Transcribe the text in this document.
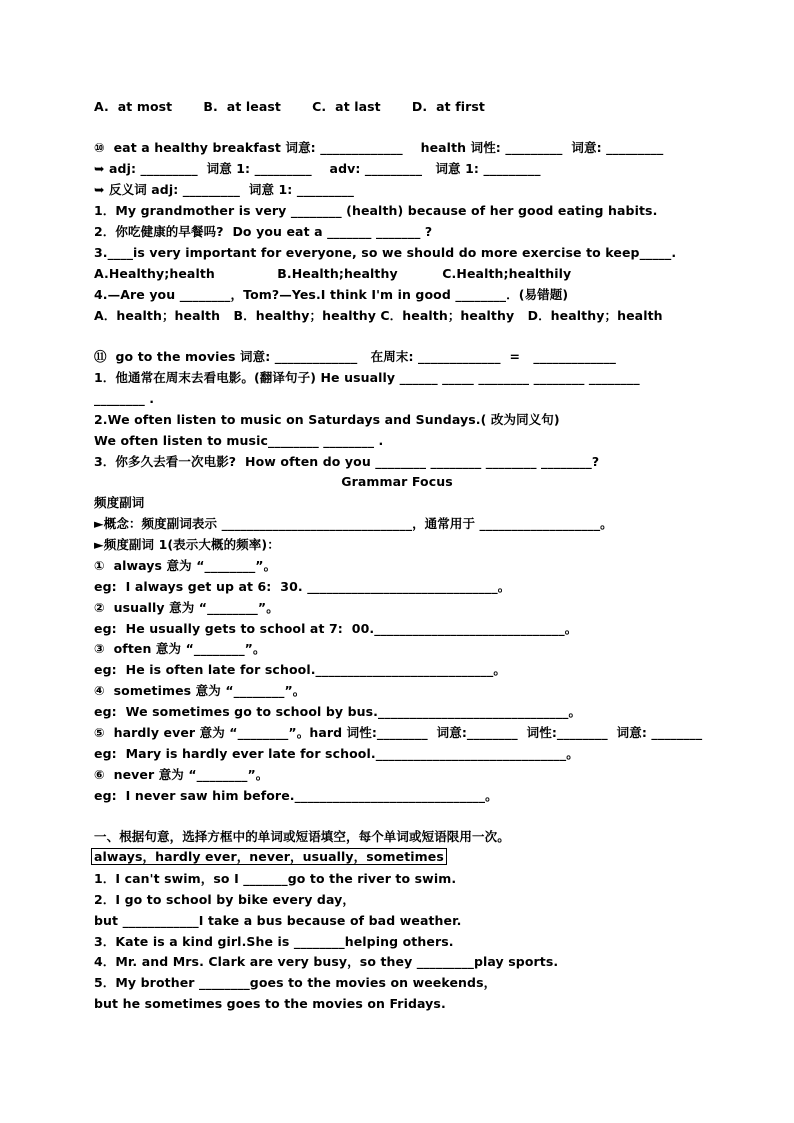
A.  at most       B.  at least       C.  at last       D.  at first
⑩  eat a healthy breakfast 词意: _____________    health 词性: _________  词意: _________
➥ adj: _________  词意 1: _________    adv: _________   词意 1: _________
➥ 反义词 adj: _________  词意 1: _________
1．My grandmother is very ________ (health) because of her good eating habits.
2．你吃健康的早餐吗?  Do you eat a _______ _______ ?
3.____is very important for everyone, so we should do more exercise to keep_____.
A.Healthy;health              B.Health;healthy          C.Health;healthily
4.—Are you ________，Tom?—Yes.I think I'm in good ________．(易错题)
A．health；health   B．healthy；healthy C．health；healthy   D．healthy；health
⑪  go to the movies 词意: _____________   在周末: _____________  =   _____________
1．他通常在周末去看电影。(翻译句子) He usually ______ _____ ________ ________ ________
________ .
2.We often listen to music on Saturdays and Sundays.( 改为同义句)
We often listen to music________ ________ .
3．你多久去看一次电影?  How often do you ________ ________ ________ ________?
Grammar Focus
频度副词
►概念：频度副词表示 ______________________________，通常用于 ___________________。
►频度副词 1(表示大概的频率)：
①  always 意为 “________”。
eg:  I always get up at 6:  30. ______________________________。
②  usually 意为 “________”。
eg:  He usually gets to school at 7:  00.______________________________。
③  often 意为 “________”。
eg:  He is often late for school.____________________________。
④  sometimes 意为 “________”。
eg:  We sometimes go to school by bus.______________________________。
⑤  hardly ever 意为 “________”。hard 词性:________  词意:________  词性:________  词意: ________
eg:  Mary is hardly ever late for school.______________________________。
⑥  never 意为 “________”。
eg:  I never saw him before.______________________________。
一、根据句意，选择方框中的单词或短语填空，每个单词或短语限用一次。
always，hardly ever，never，usually，sometimes
1．I can't swim，so I _______go to the river to swim.
2．I go to school by bike every day，
but ____________I take a bus because of bad weather.
3．Kate is a kind girl.She is ________helping others.
4．Mr. and Mrs. Clark are very busy，so they _________play sports.
5．My brother ________goes to the movies on weekends，
but he sometimes goes to the movies on Fridays.
